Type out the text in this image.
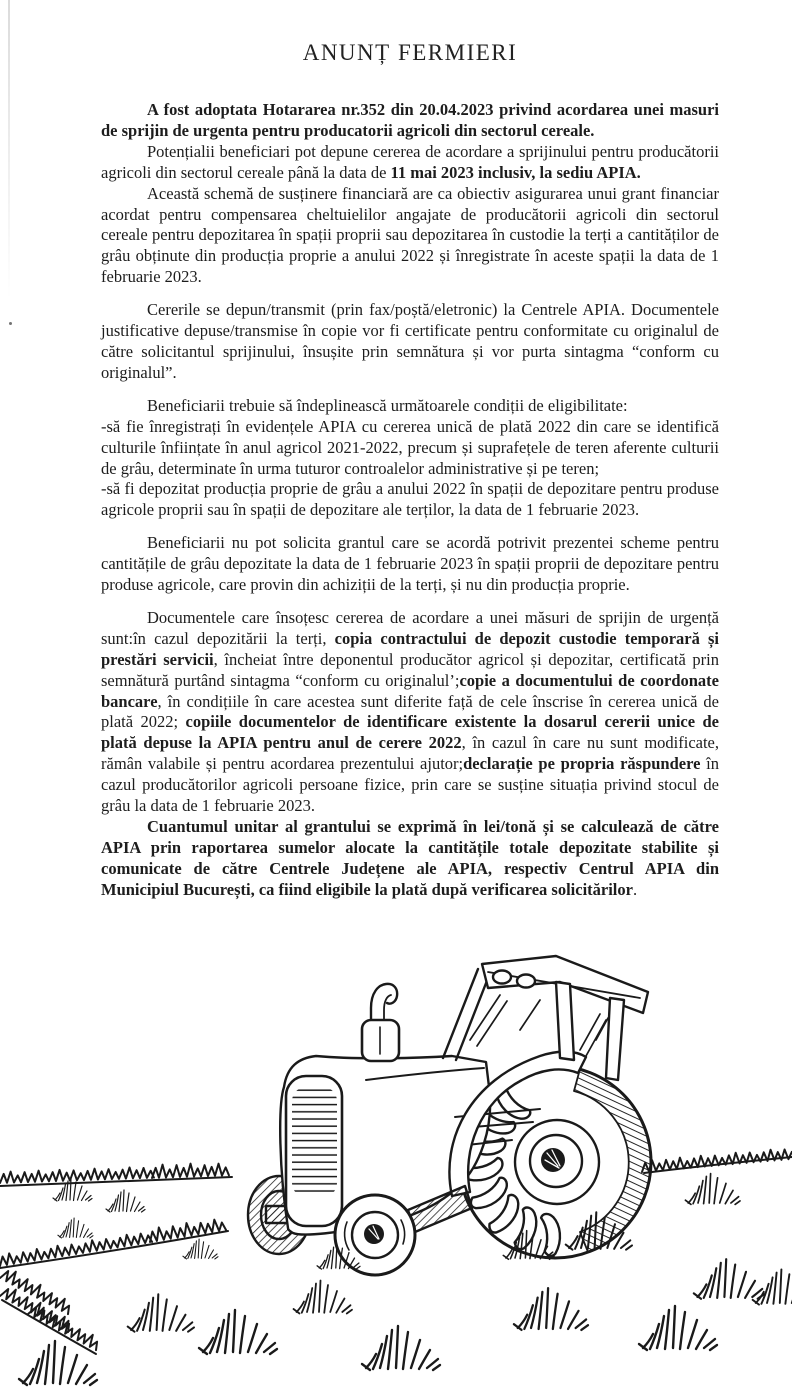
ANUNȚ FERMIERI

A fost adoptata Hotararea nr.352 din 20.04.2023 privind acordarea unei masuri de sprijin de urgenta pentru producatorii agricoli din sectorul cereale.

Potențialii beneficiari pot depune cererea de acordare a sprijinului pentru producătorii agricoli din sectorul cereale până la data de 11 mai 2023 inclusiv, la sediu APIA.

Această schemă de susținere financiară are ca obiectiv asigurarea unui grant financiar acordat pentru compensarea cheltuielilor angajate de producătorii agricoli din sectorul cereale pentru depozitarea în spații proprii sau depozitarea în custodie la terți a cantităților de grâu obținute din producția proprie a anului 2022 și înregistrate în aceste spații la data de 1 februarie 2023.

Cererile se depun/transmit (prin fax/poștă/eletronic) la Centrele APIA. Documentele justificative depuse/transmise în copie vor fi certificate pentru conformitate cu originalul de către solicitantul sprijinului, însușite prin semnătura și vor purta sintagma “conform cu originalul”.

Beneficiarii trebuie să îndeplinească următoarele condiții de eligibilitate:

-să fie înregistrați în evidențele APIA cu cererea unică de plată 2022 din care se identifică culturile înființate în anul agricol 2021-2022, precum și suprafețele de teren aferente culturii de grâu, determinate în urma tuturor controalelor administrative și pe teren;

-să fi depozitat producția proprie de grâu a anului 2022 în spații de depozitare pentru produse agricole proprii sau în spații de depozitare ale terților, la data de 1 februarie 2023.

Beneficiarii nu pot solicita grantul care se acordă potrivit prezentei scheme pentru cantitățile de grâu depozitate la data de 1 februarie 2023 în spații proprii de depozitare pentru produse agricole, care provin din achiziții de la terți, și nu din producția proprie.

Documentele care însoțesc cererea de acordare a unei măsuri de sprijin de urgență sunt:în cazul depozitării la terți, copia contractului de depozit custodie temporară și prestări servicii, încheiat între deponentul producător agricol și depozitar, certificată prin semnătură purtând sintagma “conform cu originalul’;copie a documentului de coordonate bancare, în condițiile în care acestea sunt diferite față de cele înscrise în cererea unică de plată 2022; copiile documentelor de identificare existente la dosarul cererii unice de plată depuse la APIA pentru anul de cerere 2022, în cazul în care nu sunt modificate, rămân valabile și pentru acordarea prezentului ajutor;declarație pe propria răspundere în cazul producătorilor agricoli persoane fizice, prin care se susține situația privind stocul de grâu la data de 1 februarie 2023.

Cuantumul unitar al grantului se exprimă în lei/tonă și se calculează de către APIA prin raportarea sumelor alocate la cantitățile totale depozitate stabilite și comunicate de către Centrele Județene ale APIA, respectiv Centrul APIA din Municipiul București, ca fiind eligibile la plată după verificarea solicitărilor.
